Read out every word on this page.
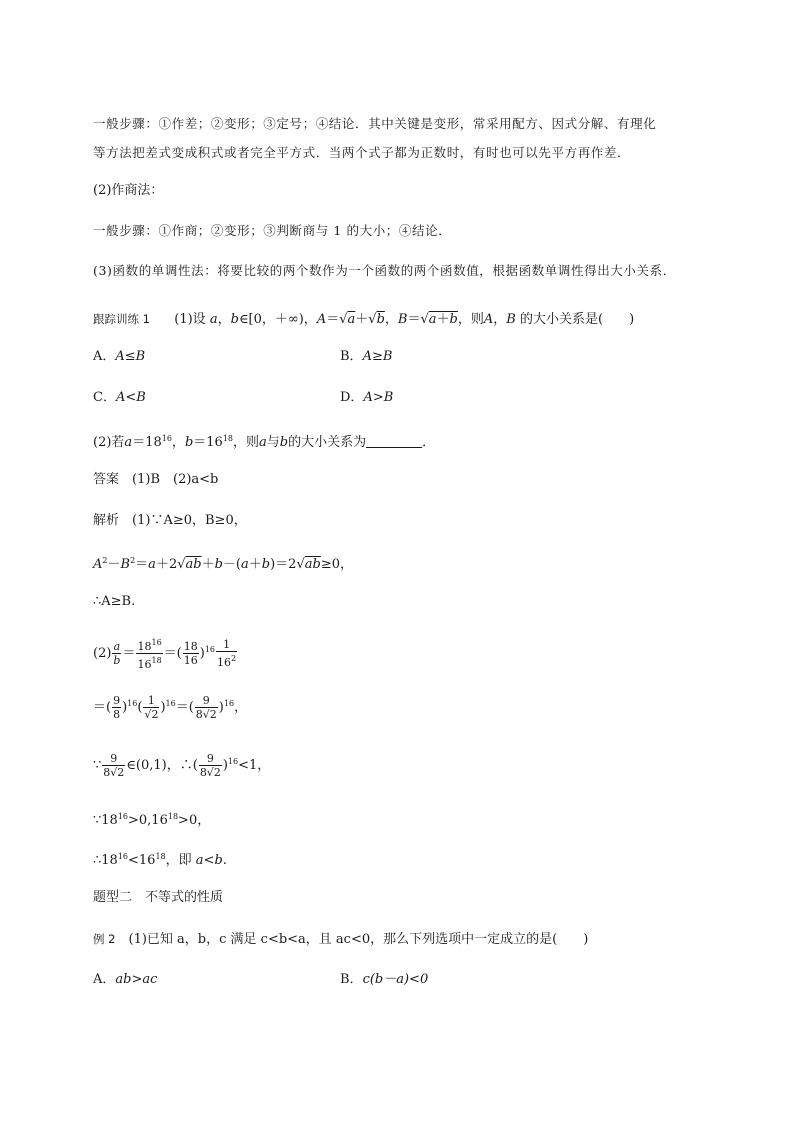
一般步骤：①作差；②变形；③定号；④结论．其中关键是变形，常采用配方、因式分解、有理化
等方法把差式变成积式或者完全平方式．当两个式子都为正数时，有时也可以先平方再作差．
(2)作商法：
一般步骤：①作商；②变形；③判断商与 1 的大小；④结论．
(3)函数的单调性法：将要比较的两个数作为一个函数的两个函数值，根据函数单调性得出大小关系．
跟踪训练 1 (1)设 a，b∈[0，＋∞)，A＝√a＋√b，B＝√a＋b，则A，B 的大小关系是(　　)
A．A≤B	B．A≥B
C．A<B	D．A>B
(2)若$a=18^{16}$，$b=16^{18}$，则a与b的大小关系为	．
答案　 (1)B　(2)a<b
解析　 (1)∵A≥0，B≥0，
$A^2-B^2=a+2√ab+b-(a+b)=2√ab\ge 0$，
∴A≥B.
$(2) \frac{a}{b} = \frac{18^{16}}{16^{18}}$ ＝( $\frac{18}{16} )^{16} \frac{1}{16^2}$
＝( $\frac{9}{8} )^{16}( \frac{1}{√2} )^{16}=( \frac{9}{8√2} )^{16}$，
∵ $\frac{9}{8√2}$ ∈(0,1)，∴( $\frac{9}{8√2} )^{16}<1$，
$\because 18^{16}>0,16^{18}>0$，
$\therefore 18^{16}<16^{18}$，即 a<b.
题型二　不等式的性质
例 2　 (1)已知 a，b，c 满足 c<b<a，且 ac<0，那么下列选项中一定成立的是(　　)
A．ab>ac	B．c(b－a)<0
